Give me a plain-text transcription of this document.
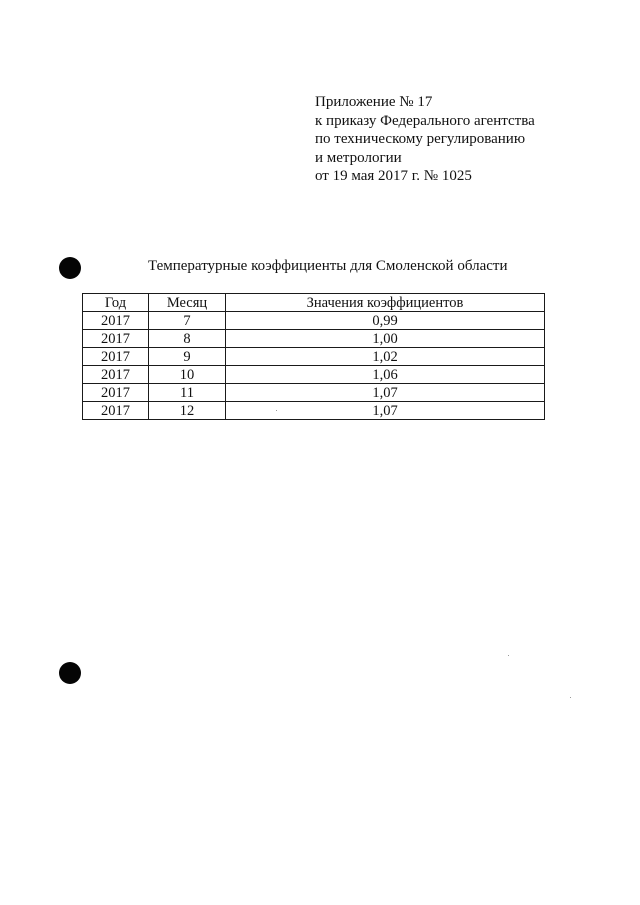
Приложение № 17
к приказу Федерального агентства
по техническому регулированию
и метрологии
от 19 мая 2017 г. № 1025
Температурные коэффициенты для Смоленской области
Год	Месяц	Значения коэффициентов
2017	7	0,99
2017	8	1,00
2017	9	1,02
2017	10	1,06
2017	11	1,07
2017	12	1,07
